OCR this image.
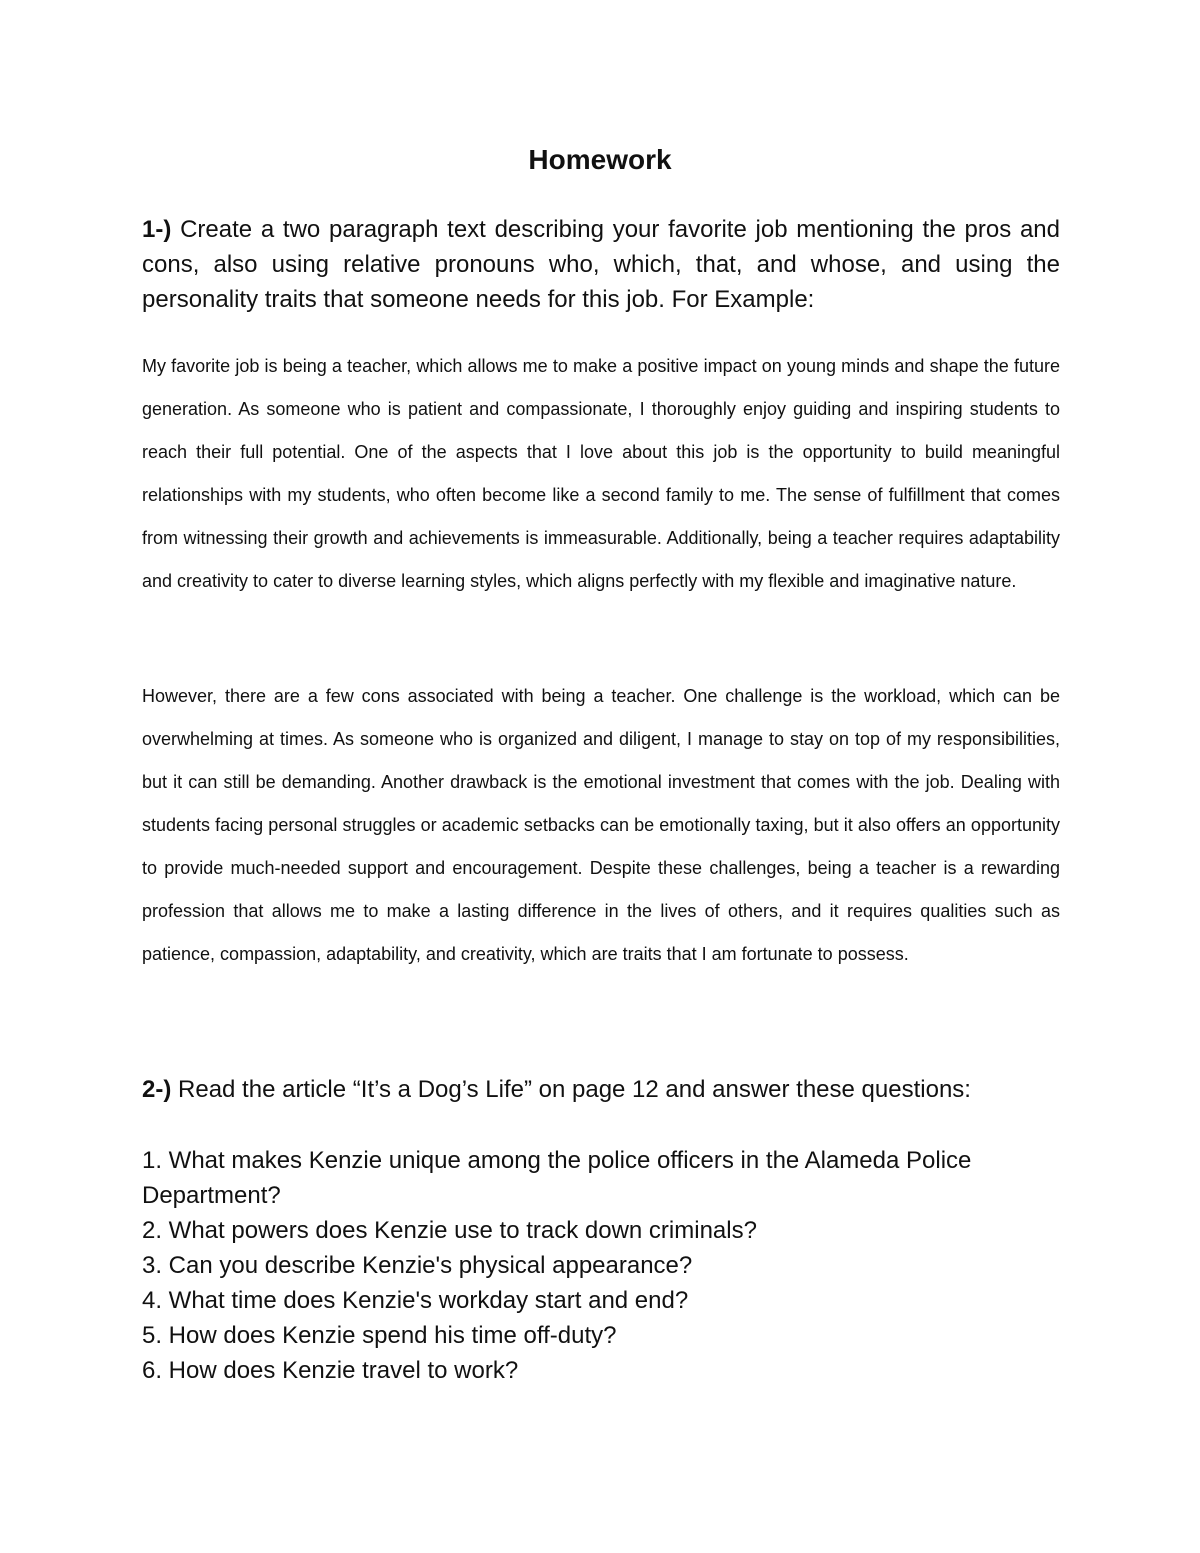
Homework
1-) Create a two paragraph text describing your favorite job mentioning the pros and cons, also using relative pronouns who, which, that, and whose, and using the personality traits that someone needs for this job. For Example:

My favorite job is being a teacher, which allows me to make a positive impact on young minds and shape the future generation. As someone who is patient and compassionate, I thoroughly enjoy guiding and inspiring students to reach their full potential. One of the aspects that I love about this job is the opportunity to build meaningful relationships with my students, who often become like a second family to me. The sense of fulfillment that comes from witnessing their growth and achievements is immeasurable. Additionally, being a teacher requires adaptability and creativity to cater to diverse learning styles, which aligns perfectly with my flexible and imaginative nature.

However, there are a few cons associated with being a teacher. One challenge is the workload, which can be overwhelming at times. As someone who is organized and diligent, I manage to stay on top of my responsibilities, but it can still be demanding. Another drawback is the emotional investment that comes with the job. Dealing with students facing personal struggles or academic setbacks can be emotionally taxing, but it also offers an opportunity to provide much-needed support and encouragement. Despite these challenges, being a teacher is a rewarding profession that allows me to make a lasting difference in the lives of others, and it requires qualities such as patience, compassion, adaptability, and creativity, which are traits that I am fortunate to possess.

2-) Read the article “It’s a Dog’s Life” on page 12 and answer these questions:
1. What makes Kenzie unique among the police officers in the Alameda Police Department?
2. What powers does Kenzie use to track down criminals?
3. Can you describe Kenzie's physical appearance?
4. What time does Kenzie's workday start and end?
5. How does Kenzie spend his time off-duty?
6. How does Kenzie travel to work?
